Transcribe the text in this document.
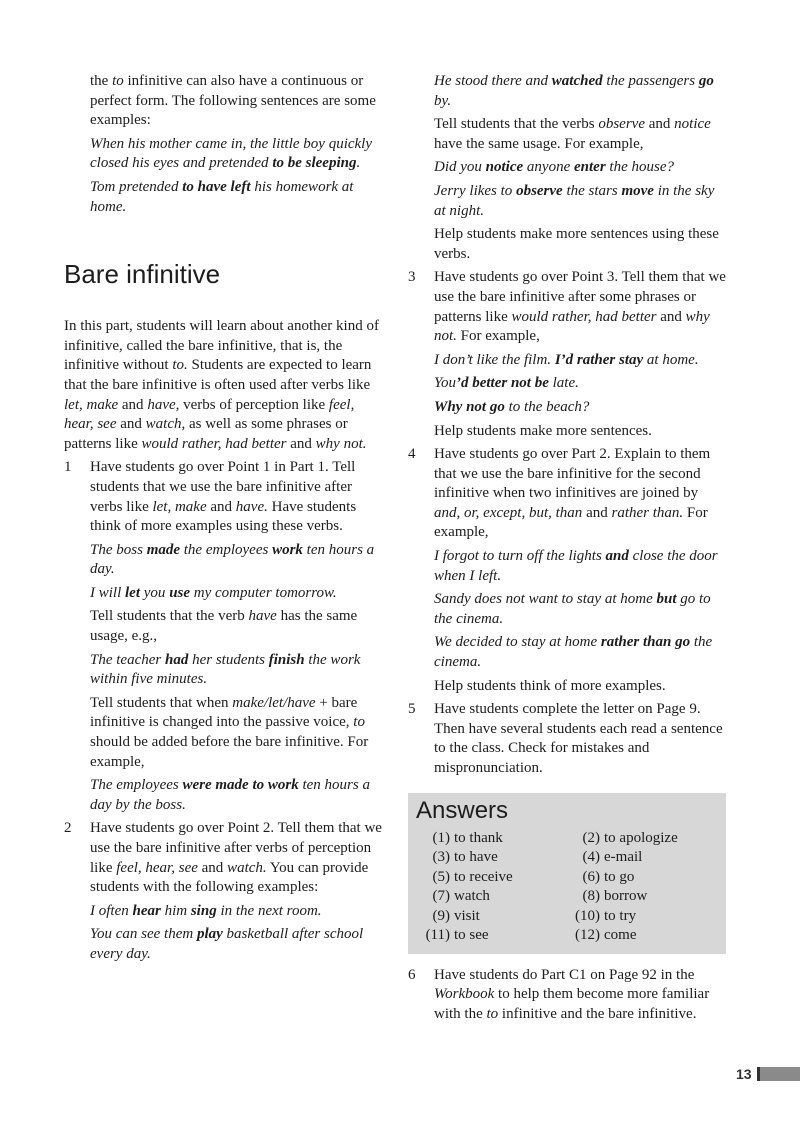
the to infinitive can also have a continuous or perfect form. The following sentences are some examples:

When his mother came in, the little boy quickly closed his eyes and pretended to be sleeping.

Tom pretended to have left his homework at home.

Bare infinitive

In this part, students will learn about another kind of infinitive, called the bare infinitive, that is, the infinitive without to. Students are expected to learn that the bare infinitive is often used after verbs like let, make and have, verbs of perception like feel, hear, see and watch, as well as some phrases or patterns like would rather, had better and why not.

1 Have students go over Point 1 in Part 1. Tell students that we use the bare infinitive after verbs like let, make and have. Have students think of more examples using these verbs.

The boss made the employees work ten hours a day.

I will let you use my computer tomorrow.

Tell students that the verb have has the same usage, e.g.,

The teacher had her students finish the work within five minutes.

Tell students that when make/let/have + bare infinitive is changed into the passive voice, to should be added before the bare infinitive. For example,

The employees were made to work ten hours a day by the boss.

2 Have students go over Point 2. Tell them that we use the bare infinitive after verbs of perception like feel, hear, see and watch. You can provide students with the following examples:

I often hear him sing in the next room.

You can see them play basketball after school every day.

He stood there and watched the passengers go by.

Tell students that the verbs observe and notice have the same usage. For example,

Did you notice anyone enter the house?

Jerry likes to observe the stars move in the sky at night.

Help students make more sentences using these verbs.

3 Have students go over Point 3. Tell them that we use the bare infinitive after some phrases or patterns like would rather, had better and why not. For example,

I don’t like the film. I’d rather stay at home.

You’d better not be late.

Why not go to the beach?

Help students make more sentences.

4 Have students go over Part 2. Explain to them that we use the bare infinitive for the second infinitive when two infinitives are joined by and, or, except, but, than and rather than. For example,

I forgot to turn off the lights and close the door when I left.

Sandy does not want to stay at home but go to the cinema.

We decided to stay at home rather than go the cinema.

Help students think of more examples.

5 Have students complete the letter on Page 9. Then have several students each read a sentence to the class. Check for mistakes and mispronunciation.

Answers
(1) to thank	(2) to apologize
(3) to have	(4) e-mail
(5) to receive	(6) to go
(7) watch	(8) borrow
(9) visit	(10) to try
(11) to see	(12) come
6 Have students do Part C1 on Page 92 in the Workbook to help them become more familiar with the to infinitive and the bare infinitive.

13
